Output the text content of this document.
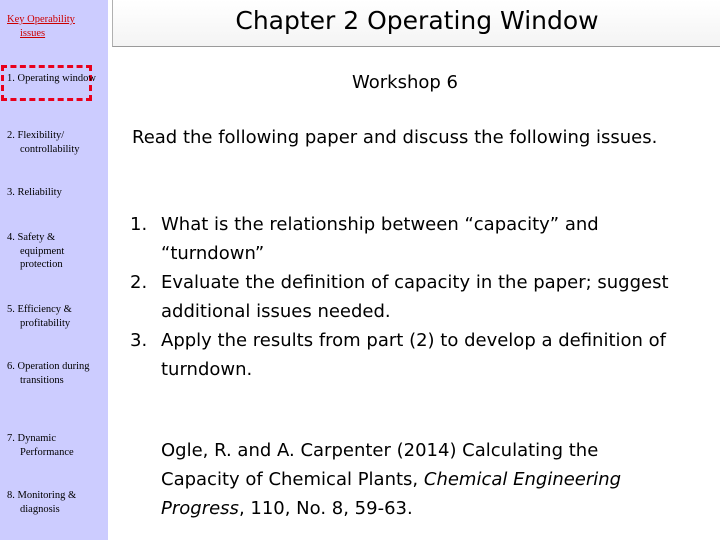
Key Operability issues
1. Operating window
2. Flexibility/ controllability
3. Reliability
4. Safety & equipment protection
5. Efficiency & profitability
6. Operation during transitions
7. Dynamic Performance
8. Monitoring & diagnosis
Chapter 2 Operating Window
Workshop 6
Read the following paper and discuss the following issues.
1. What is the relationship between “capacity” and “turndown”
2. Evaluate the definition of capacity in the paper; suggest additional issues needed.
3. Apply the results from part (2) to develop a definition of turndown.
Ogle, R. and A. Carpenter (2014) Calculating the Capacity of Chemical Plants, Chemical Engineering Progress, 110, No. 8, 59-63.
